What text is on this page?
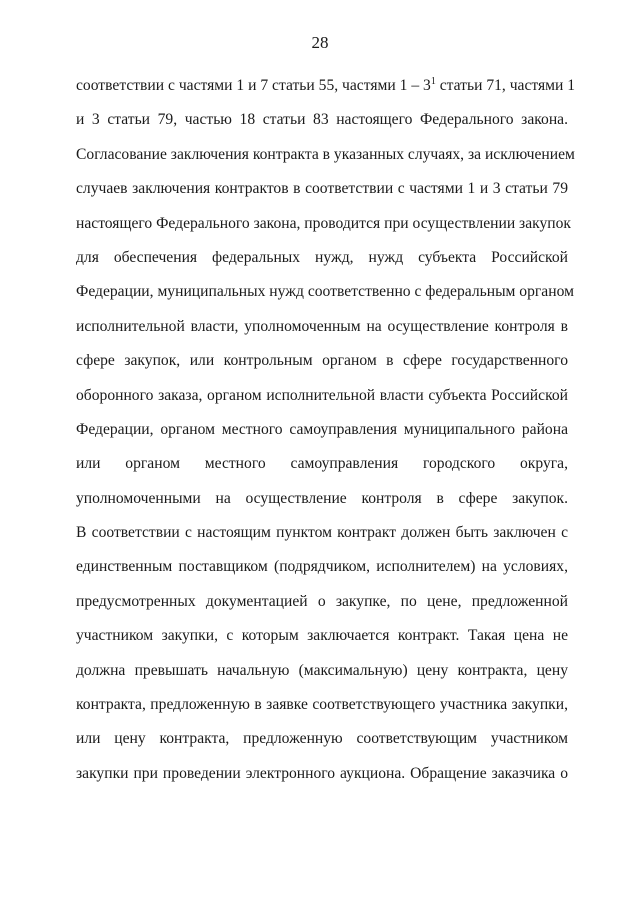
28
соответствии с частями 1 и 7 статьи 55, частями $1 - 3^1$ статьи 71, частями 1
и 3 статьи 79, частью 18 статьи 83 настоящего Федерального закона.
Согласование заключения контракта в указанных случаях, за исключением
случаев заключения контрактов в соответствии с частями 1 и 3 статьи 79
настоящего Федерального закона, проводится при осуществлении закупок
для обеспечения федеральных нужд, нужд субъекта Российской
Федерации, муниципальных нужд соответственно с федеральным органом
исполнительной власти, уполномоченным на осуществление контроля в
сфере закупок, или контрольным органом в сфере государственного
оборонного заказа, органом исполнительной власти субъекта Российской
Федерации, органом местного самоуправления муниципального района
или органом местного самоуправления городского округа,
уполномоченными на осуществление контроля в сфере закупок.
В соответствии с настоящим пунктом контракт должен быть заключен с
единственным поставщиком (подрядчиком, исполнителем) на условиях,
предусмотренных документацией о закупке, по цене, предложенной
участником закупки, с которым заключается контракт. Такая цена не
должна превышать начальную (максимальную) цену контракта, цену
контракта, предложенную в заявке соответствующего участника закупки,
или цену контракта, предложенную соответствующим участником
закупки при проведении электронного аукциона. Обращение заказчика о
